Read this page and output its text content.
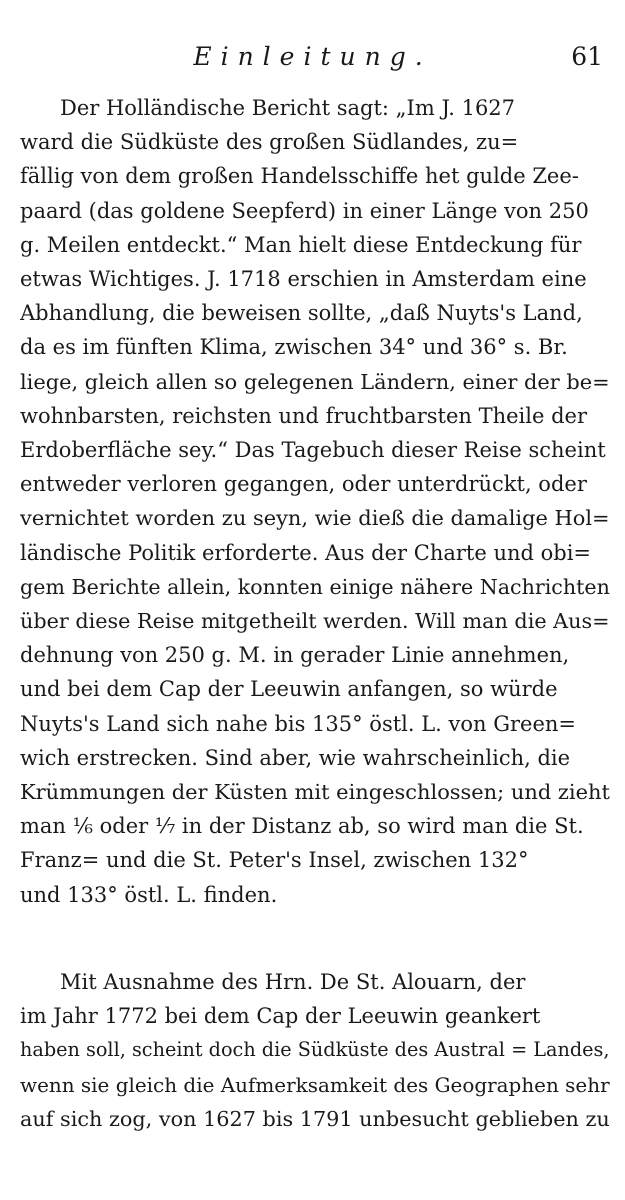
Einleitung.	61

Der Holländische Bericht sagt: „Im J. 1627
ward die Südküste des großen Südlandes, zu=
fällig von dem großen Handelsschiffe het gulde Zee-
paard (das goldene Seepferd) in einer Länge von 250
g. Meilen entdeckt.“ Man hielt diese Entdeckung für
etwas Wichtiges. J. 1718 erschien in Amsterdam eine
Abhandlung, die beweisen sollte, „daß Nuyts's Land,
da es im fünften Klima, zwischen 34° und 36° s. Br.
liege, gleich allen so gelegenen Ländern, einer der be=
wohnbarsten, reichsten und fruchtbarsten Theile der
Erdoberfläche sey.“ Das Tagebuch dieser Reise scheint
entweder verloren gegangen, oder unterdrückt, oder
vernichtet worden zu seyn, wie dieß die damalige Hol=
ländische Politik erforderte. Aus der Charte und obi=
gem Berichte allein, konnten einige nähere Nachrichten
über diese Reise mitgetheilt werden. Will man die Aus=
dehnung von 250 g. M. in gerader Linie annehmen,
und bei dem Cap der Leeuwin anfangen, so würde
Nuyts's Land sich nahe bis 135° östl. L. von Green=
wich erstrecken. Sind aber, wie wahrscheinlich, die
Krümmungen der Küsten mit eingeschlossen; und zieht
man ⅙ oder ⅐ in der Distanz ab, so wird man die St.
Franz= und die St. Peter's Insel, zwischen 132°
und 133° östl. L. finden.

Mit Ausnahme des Hrn. De St. Alouarn, der
im Jahr 1772 bei dem Cap der Leeuwin geankert
haben soll, scheint doch die Südküste des Austral = Landes,
wenn sie gleich die Aufmerksamkeit des Geographen sehr
auf sich zog, von 1627 bis 1791 unbesucht geblieben zu
